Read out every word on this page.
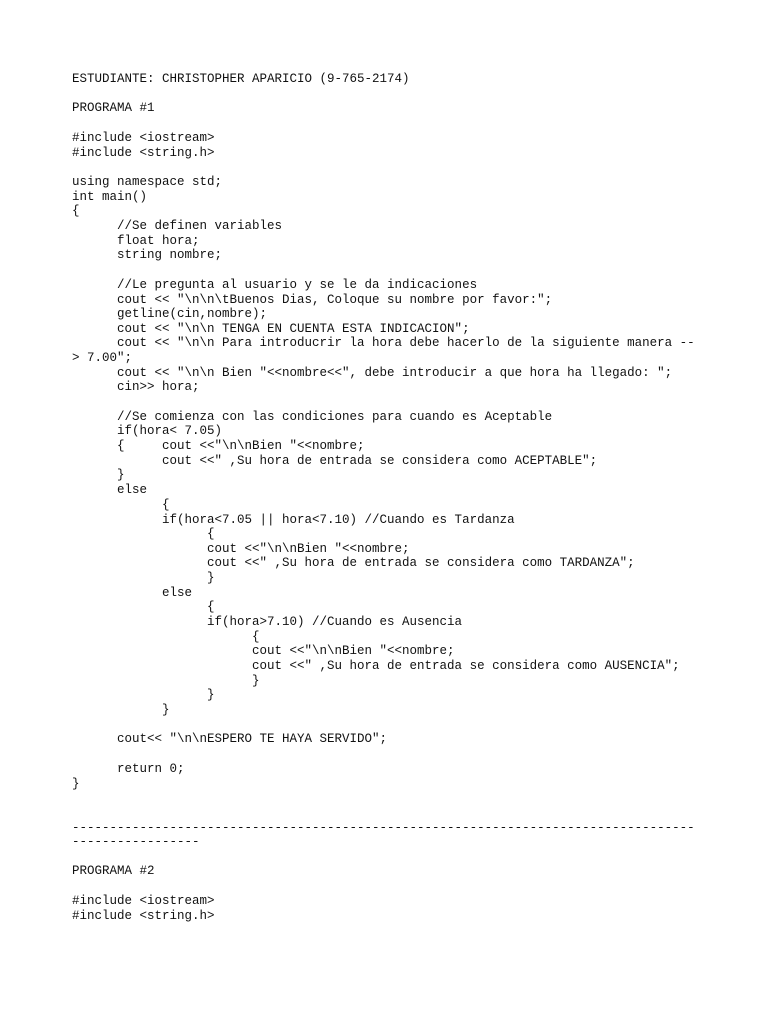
ESTUDIANTE: CHRISTOPHER APARICIO (9-765-2174)

PROGRAMA #1

#include <iostream>

#include <string.h>

using namespace std;

int main()

{

//Se definen variables

float hora;

string nombre;

//Le pregunta al usuario y se le da indicaciones

cout << "\n\n\tBuenos Dias, Coloque su nombre por favor:";

getline(cin,nombre);

cout << "\n\n TENGA EN CUENTA ESTA INDICACION";

cout << "\n\n Para introducrir la hora debe hacerlo de la siguiente manera --

> 7.00";

cout << "\n\n Bien "<<nombre<<", debe introducir a que hora ha llegado: ";

cin>> hora;

//Se comienza con las condiciones para cuando es Aceptable

if(hora< 7.05)

{     cout <<"\n\nBien "<<nombre;

cout <<" ,Su hora de entrada se considera como ACEPTABLE";

}

else

{

if(hora<7.05 || hora<7.10) //Cuando es Tardanza

{

cout <<"\n\nBien "<<nombre;

cout <<" ,Su hora de entrada se considera como TARDANZA";

}

else

{

if(hora>7.10) //Cuando es Ausencia

{

cout <<"\n\nBien "<<nombre;

cout <<" ,Su hora de entrada se considera como AUSENCIA";

}

}

}

cout<< "\n\nESPERO TE HAYA SERVIDO";

return 0;

}

-----------------------------------------------------------------------------------

-----------------

PROGRAMA #2

#include <iostream>

#include <string.h>
